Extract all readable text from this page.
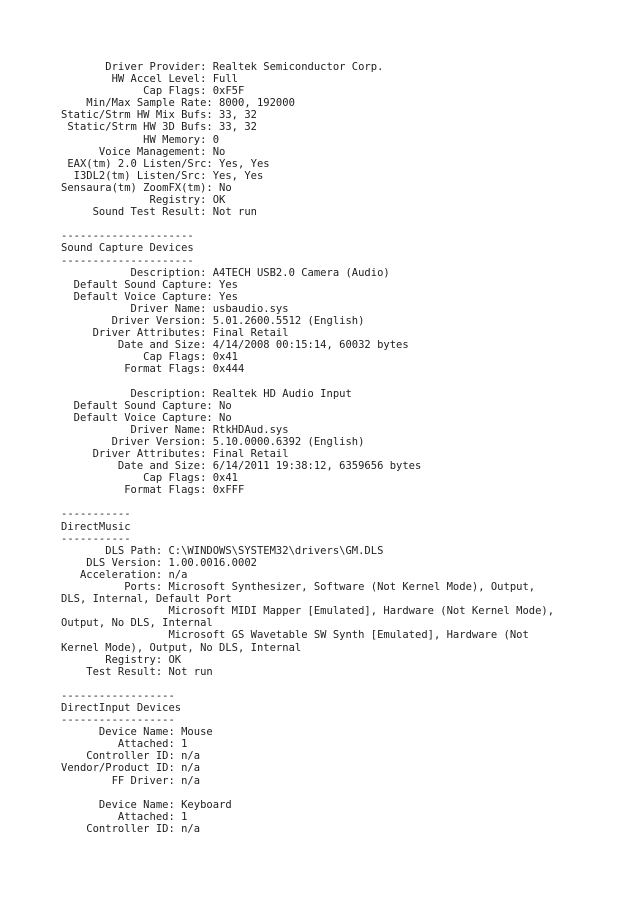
Driver Provider: Realtek Semiconductor Corp.
HW Accel Level: Full
Cap Flags: 0xF5F
Min/Max Sample Rate: 8000, 192000
Static/Strm HW Mix Bufs: 33, 32
Static/Strm HW 3D Bufs: 33, 32
HW Memory: 0
Voice Management: No
EAX(tm) 2.0 Listen/Src: Yes, Yes
I3DL2(tm) Listen/Src: Yes, Yes
Sensaura(tm) ZoomFX(tm): No
Registry: OK
Sound Test Result: Not run
---------------------
Sound Capture Devices
---------------------
Description: A4TECH USB2.0 Camera (Audio)
Default Sound Capture: Yes
Default Voice Capture: Yes
Driver Name: usbaudio.sys
Driver Version: 5.01.2600.5512 (English)
Driver Attributes: Final Retail
Date and Size: 4/14/2008 00:15:14, 60032 bytes
Cap Flags: 0x41
Format Flags: 0x444
Description: Realtek HD Audio Input
Default Sound Capture: No
Default Voice Capture: No
Driver Name: RtkHDAud.sys
Driver Version: 5.10.0000.6392 (English)
Driver Attributes: Final Retail
Date and Size: 6/14/2011 19:38:12, 6359656 bytes
Cap Flags: 0x41
Format Flags: 0xFFF
-----------
DirectMusic
-----------
DLS Path: C:\WINDOWS\SYSTEM32\drivers\GM.DLS
DLS Version: 1.00.0016.0002
Acceleration: n/a
Ports: Microsoft Synthesizer, Software (Not Kernel Mode), Output,
DLS, Internal, Default Port
Microsoft MIDI Mapper [Emulated], Hardware (Not Kernel Mode),
Output, No DLS, Internal
Microsoft GS Wavetable SW Synth [Emulated], Hardware (Not
Kernel Mode), Output, No DLS, Internal
Registry: OK
Test Result: Not run
------------------
DirectInput Devices
------------------
Device Name: Mouse
Attached: 1
Controller ID: n/a
Vendor/Product ID: n/a
FF Driver: n/a
Device Name: Keyboard
Attached: 1
Controller ID: n/a
